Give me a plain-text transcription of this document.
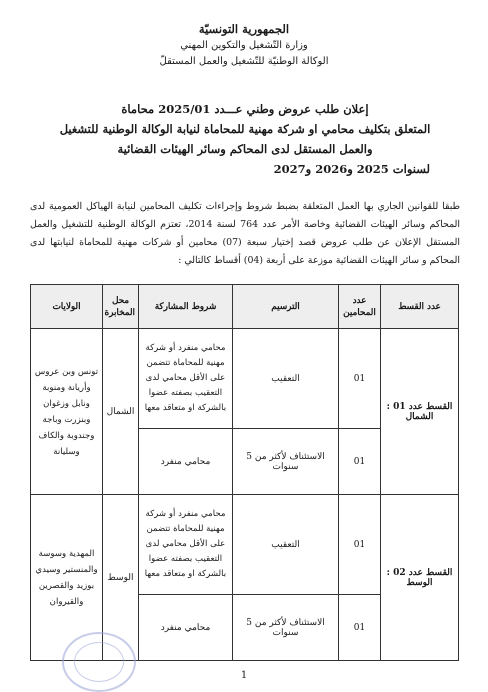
الجمهورية التونسيّة
وزارة التّشغيل والتكوين المهني
الوكالة الوطنيّة للتّشغيل والعمل المستقلّ
إعلان طلب عروض وطني عـــدد 2025/01 محاماة
المتعلق بتكليف محامي او شركة مهنية للمحاماة لنيابة الوكالة الوطنية للتشغيل
والعمل المستقل لدى المحاكم وسائر الهيئات القضائية
لسنوات 2025 و2026 و2027
طبقا للقوانين الجاري بها العمل المتعلقة بضبط شروط وإجراءات تكليف المحامين لنيابة الهياكل العمومية لدى المحاكم وسائر الهيئات القضائية وخاصة الأمر عدد 764 لسنة 2014، تعتزم الوكالة الوطنية للتشغيل والعمل المستقل الإعلان عن طلب عروض قصد إختيار سبعة (07) محامين أو شركات مهنية للمحاماة لنيابتها لدى المحاكم و سائر الهيئات القضائية موزعة على أربعة (04) أقساط كالتالي :
عدد القسط	عدد المحامين	الترسيم	شروط المشاركة	محل المخابرة	الولايات
القسط عدد 01 : الشمال	01	التعقيب	محامي منفرد أو شركة مهنية للمحاماة تتضمن على الأقل محامي لدى التعقيب بصفته عضوا بالشركة او متعاقد معها	الشمال	تونس وبن عروس وأريانة ومنوبة ونابل وزغوان وبنزرت وباجة وجندوبة والكاف وسليانة
	01	الاستئناف لأكثر من 5 سنوات	محامي منفرد		
القسط عدد 02 : الوسط	01	التعقيب	محامي منفرد أو شركة مهنية للمحاماة تتضمن على الأقل محامي لدى التعقيب بصفته عضوا بالشركة او متعاقد معها	الوسط	المهدية وسوسة والمنستير وسيدي بوزيد والقصرين والقيروان
	01	الاستئناف لأكثر من 5 سنوات	محامي منفرد		
1
